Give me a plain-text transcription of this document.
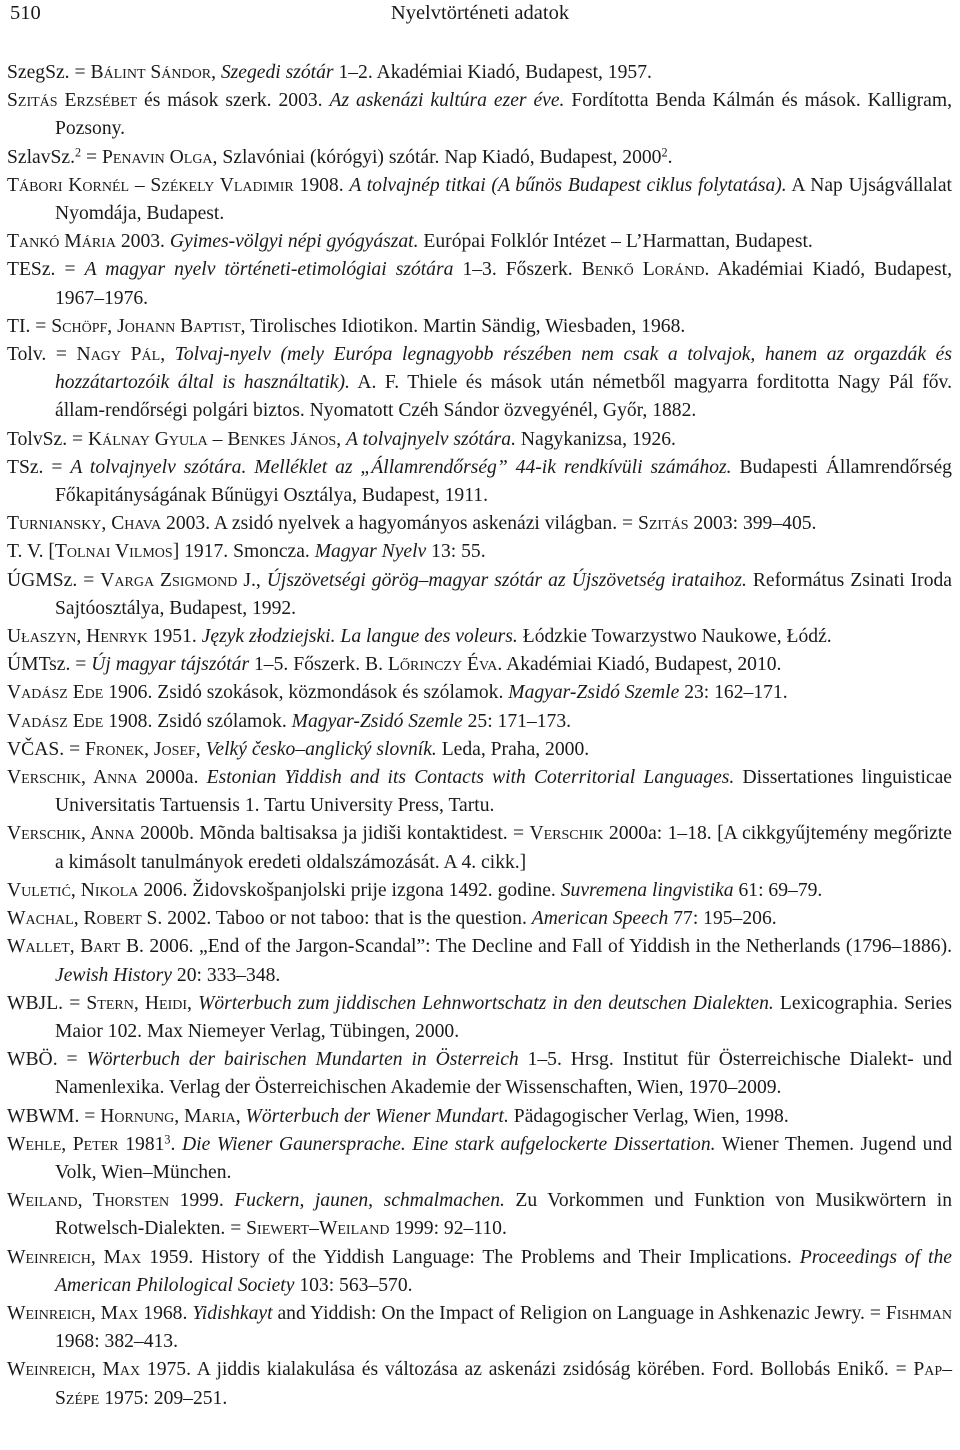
510	Nyelvtörténeti adatok
SzegSz. = Bálint Sándor, Szegedi szótár 1–2. Akadémiai Kiadó, Budapest, 1957.
Szitás Erzsébet és mások szerk. 2003. Az askenázi kultúra ezer éve. Fordította Benda Kálmán és mások. Kalligram, Pozsony.
SzlavSz.$^2$ = Penavin Olga, Szlavóniai (kórógyi) szótár. Nap Kiadó, Budapest, 2000$^2$.
Tábori Kornél – Székely Vladimir 1908. A tolvajnép titkai (A bűnös Budapest ciklus folytatása). A Nap Ujságvállalat Nyomdája, Budapest.
Tankó Mária 2003. Gyimes-völgyi népi gyógyászat. Európai Folklór Intézet – L’Harmattan, Budapest.
TESz. = A magyar nyelv történeti-etimológiai szótára 1–3. Főszerk. Benkő Loránd. Akadémiai Kiadó, Budapest, 1967–1976.
TI. = Schöpf, Johann Baptist, Tirolisches Idiotikon. Martin Sändig, Wiesbaden, 1968.
Tolv. = Nagy Pál, Tolvaj-nyelv (mely Európa legnagyobb részében nem csak a tolvajok, hanem az orgazdák és hozzátartozóik által is használtatik). A. F. Thiele és mások után németből magyarra forditotta Nagy Pál főv. állam-rendőrségi polgári biztos. Nyomatott Czéh Sándor özvegyénél, Győr, 1882.
TolvSz. = Kálnay Gyula – Benkes János, A tolvajnyelv szótára. Nagykanizsa, 1926.
TSz. = A tolvajnyelv szótára. Melléklet az „Államrendőrség” 44-ik rendkívüli számához. Budapesti Államrendőrség Főkapitányságának Bűnügyi Osztálya, Budapest, 1911.
Turniansky, Chava 2003. A zsidó nyelvek a hagyományos askenázi világban. = Szitás 2003: 399–405.
T. V. [Tolnai Vilmos] 1917. Smoncza. Magyar Nyelv 13: 55.
ÚGMSz. = Varga Zsigmond J., Újszövetségi görög–magyar szótár az Újszövetség irataihoz. Református Zsinati Iroda Sajtóosztálya, Budapest, 1992.
Ułaszyn, Henryk 1951. Język złodziejski. La langue des voleurs. Łódzkie Towarzystwo Naukowe, Łódź.
ÚMTsz. = Új magyar tájszótár 1–5. Főszerk. B. Lőrinczy Éva. Akadémiai Kiadó, Budapest, 2010.
Vadász Ede 1906. Zsidó szokások, közmondások és szólamok. Magyar-Zsidó Szemle 23: 162–171.
Vadász Ede 1908. Zsidó szólamok. Magyar-Zsidó Szemle 25: 171–173.
VČAS. = Fronek, Josef, Velký česko–anglický slovník. Leda, Praha, 2000.
Verschik, Anna 2000a. Estonian Yiddish and its Contacts with Coterritorial Languages. Dissertationes linguisticae Universitatis Tartuensis 1. Tartu University Press, Tartu.
Verschik, Anna 2000b. Mõnda baltisaksa ja jidiši kontaktidest. = Verschik 2000a: 1–18. [A cikkgyűjtemény megőrizte a kimásolt tanulmányok eredeti oldalszámozását. A 4. cikk.]
Vuletić, Nikola 2006. Židovskošpanjolski prije izgona 1492. godine. Suvremena lingvistika 61: 69–79.
Wachal, Robert S. 2002. Taboo or not taboo: that is the question. American Speech 77: 195–206.
Wallet, Bart B. 2006. „End of the Jargon-Scandal”: The Decline and Fall of Yiddish in the Netherlands (1796–1886). Jewish History 20: 333–348.
WBJL. = Stern, Heidi, Wörterbuch zum jiddischen Lehnwortschatz in den deutschen Dialekten. Lexicographia. Series Maior 102. Max Niemeyer Verlag, Tübingen, 2000.
WBÖ. = Wörterbuch der bairischen Mundarten in Österreich 1–5. Hrsg. Institut für Österreichische Dialekt- und Namenlexika. Verlag der Österreichischen Akademie der Wissenschaften, Wien, 1970–2009.
WBWM. = Hornung, Maria, Wörterbuch der Wiener Mundart. Pädagogischer Verlag, Wien, 1998.
Wehle, Peter 1981$^3$. Die Wiener Gaunersprache. Eine stark aufgelockerte Dissertation. Wiener Themen. Jugend und Volk, Wien–München.
Weiland, Thorsten 1999. Fuckern, jaunen, schmalmachen. Zu Vorkommen und Funktion von Musikwörtern in Rotwelsch-Dialekten. = Siewert–Weiland 1999: 92–110.
Weinreich, Max 1959. History of the Yiddish Language: The Problems and Their Implications. Proceedings of the American Philological Society 103: 563–570.
Weinreich, Max 1968. Yidishkayt and Yiddish: On the Impact of Religion on Language in Ashkenazic Jewry. = Fishman 1968: 382–413.
Weinreich, Max 1975. A jiddis kialakulása és változása az askenázi zsidóság körében. Ford. Bollobás Enikő. = Pap–Szépe 1975: 209–251.
